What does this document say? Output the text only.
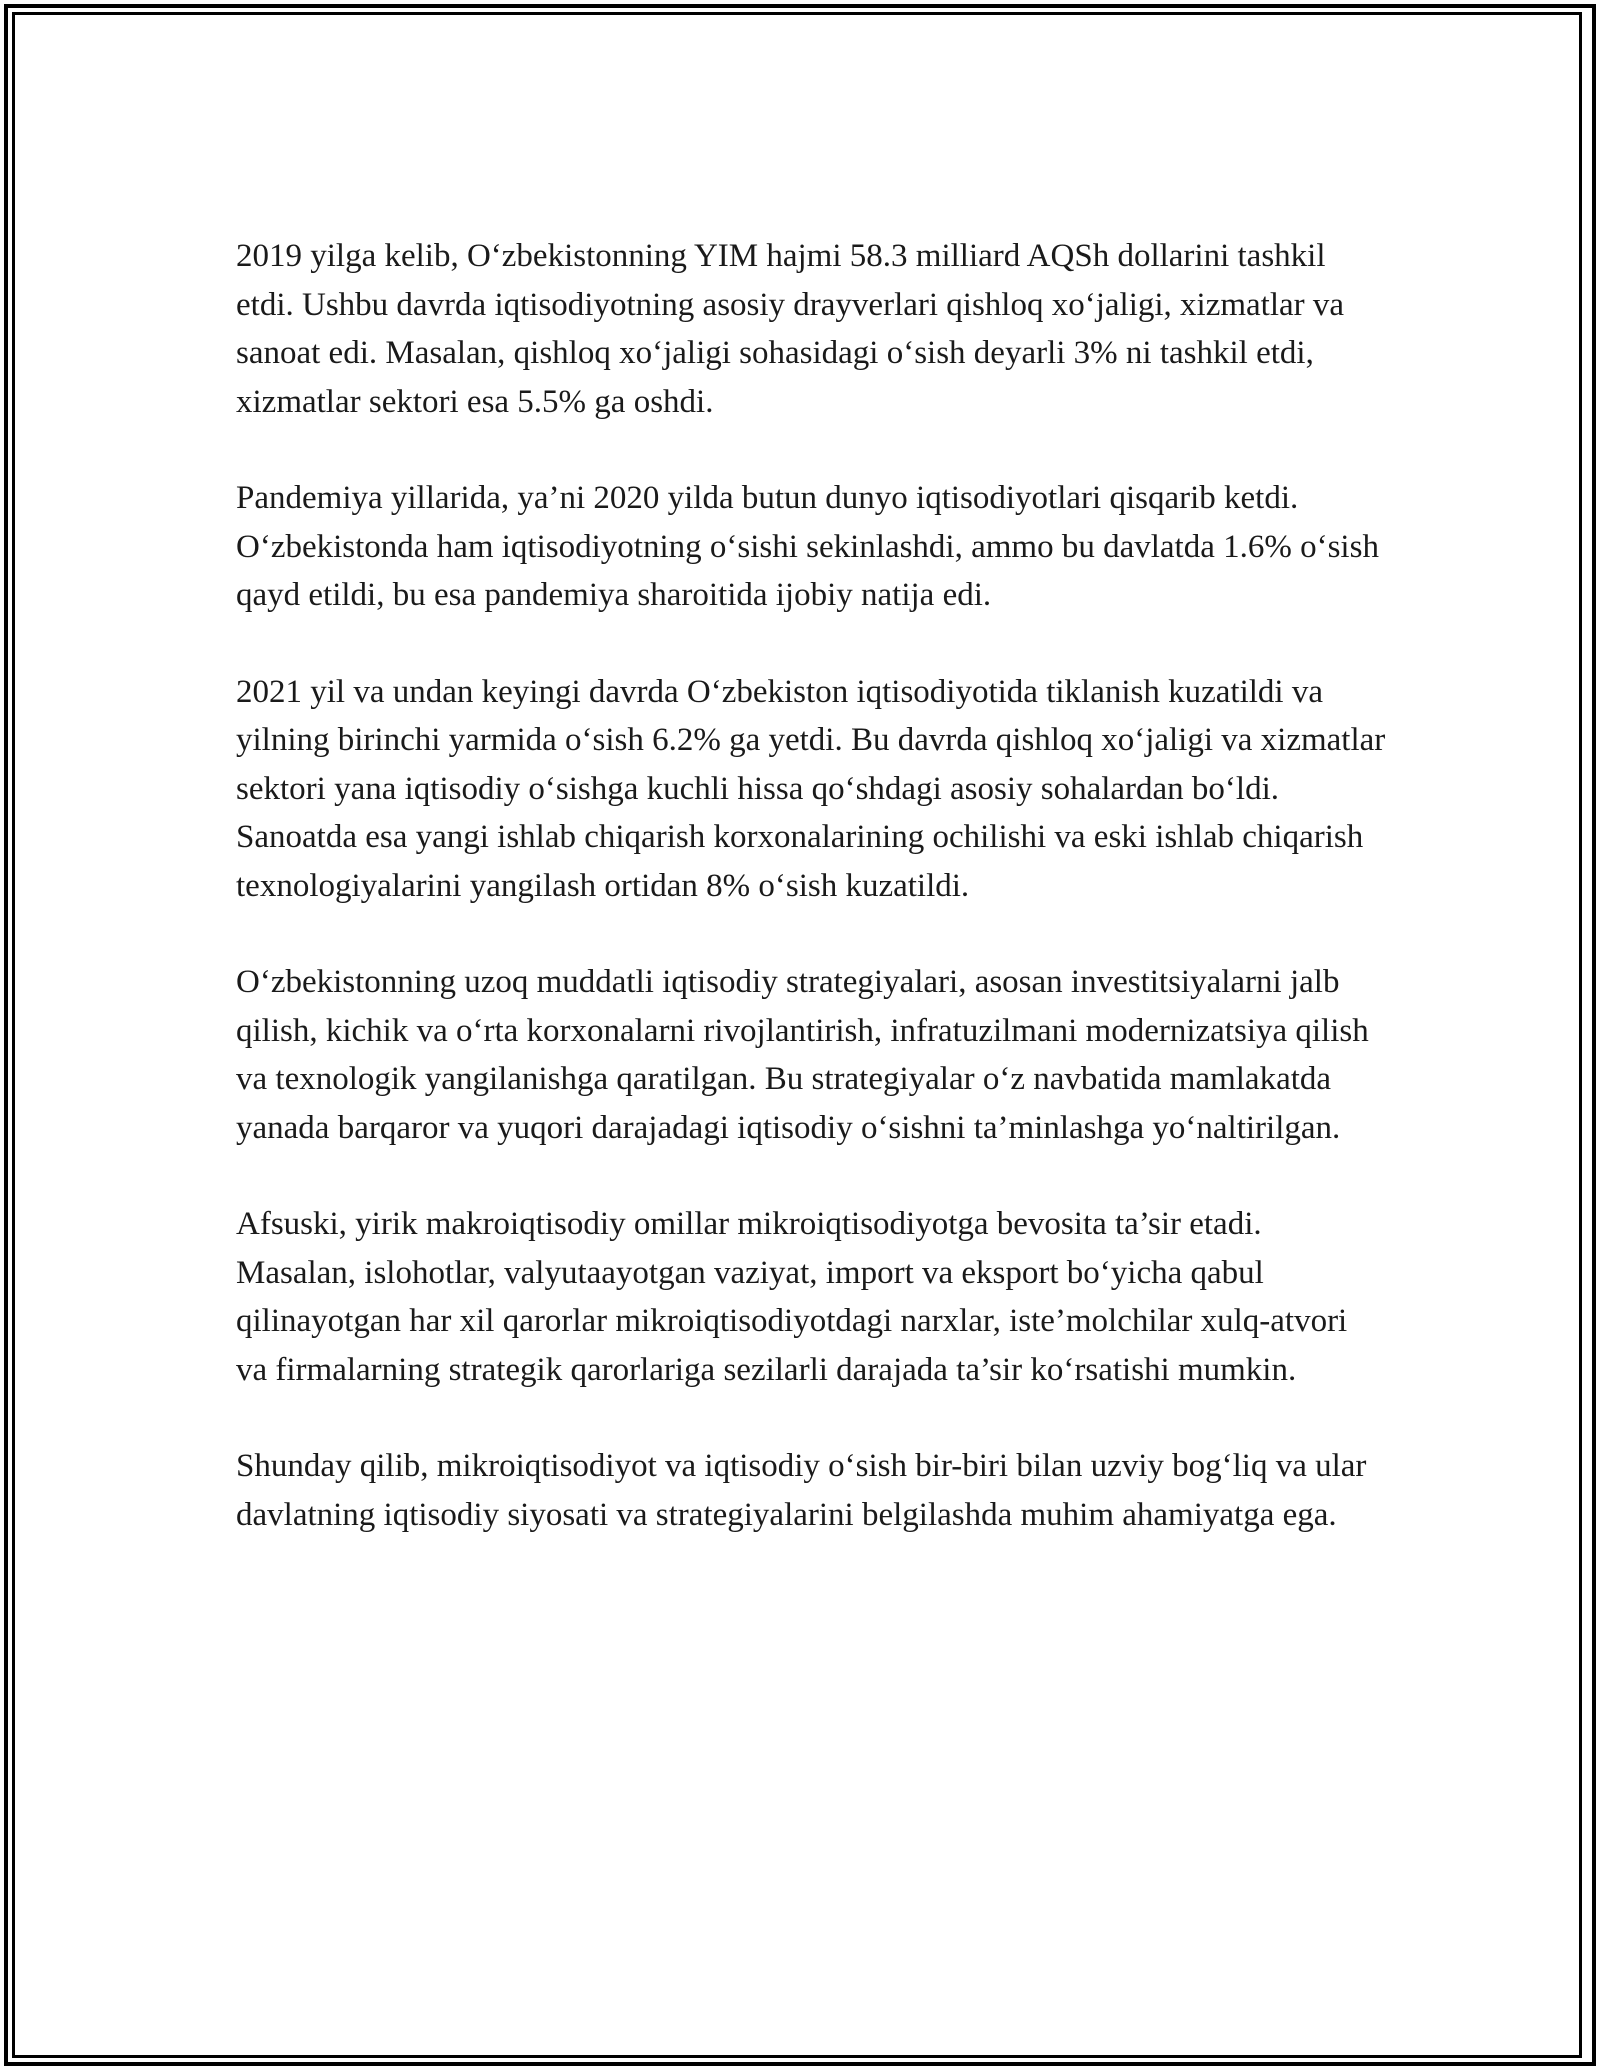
2019 yilga kelib, O‘zbekistonning YIM hajmi 58.3 milliard AQSh dollarini tashkil etdi. Ushbu davrda iqtisodiyotning asosiy drayverlari qishloq xo‘jaligi, xizmatlar va sanoat edi. Masalan, qishloq xo‘jaligi sohasidagi o‘sish deyarli 3% ni tashkil etdi, xizmatlar sektori esa 5.5% ga oshdi.

Pandemiya yillarida, ya’ni 2020 yilda butun dunyo iqtisodiyotlari qisqarib ketdi. O‘zbekistonda ham iqtisodiyotning o‘sishi sekinlashdi, ammo bu davlatda 1.6% o‘sish qayd etildi, bu esa pandemiya sharoitida ijobiy natija edi.

2021 yil va undan keyingi davrda O‘zbekiston iqtisodiyotida tiklanish kuzatildi va yilning birinchi yarmida o‘sish 6.2% ga yetdi. Bu davrda qishloq xo‘jaligi va xizmatlar sektori yana iqtisodiy o‘sishga kuchli hissa qo‘shdagi asosiy sohalardan bo‘ldi. Sanoatda esa yangi ishlab chiqarish korxonalarining ochilishi va eski ishlab chiqarish texnologiyalarini yangilash ortidan 8% o‘sish kuzatildi.

O‘zbekistonning uzoq muddatli iqtisodiy strategiyalari, asosan investitsiyalarni jalb qilish, kichik va o‘rta korxonalarni rivojlantirish, infratuzilmani modernizatsiya qilish va texnologik yangilanishga qaratilgan. Bu strategiyalar o‘z navbatida mamlakatda yanada barqaror va yuqori darajadagi iqtisodiy o‘sishni ta’minlashga yo‘naltirilgan.

Afsuski, yirik makroiqtisodiy omillar mikroiqtisodiyotga bevosita ta’sir etadi. Masalan, islohotlar, valyutaayotgan vaziyat, import va eksport bo‘yicha qabul qilinayotgan har xil qarorlar mikroiqtisodiyotdagi narxlar, iste’molchilar xulq-atvori va firmalarning strategik qarorlariga sezilarli darajada ta’sir ko‘rsatishi mumkin.

Shunday qilib, mikroiqtisodiyot va iqtisodiy o‘sish bir-biri bilan uzviy bog‘liq va ular davlatning iqtisodiy siyosati va strategiyalarini belgilashda muhim ahamiyatga ega.
